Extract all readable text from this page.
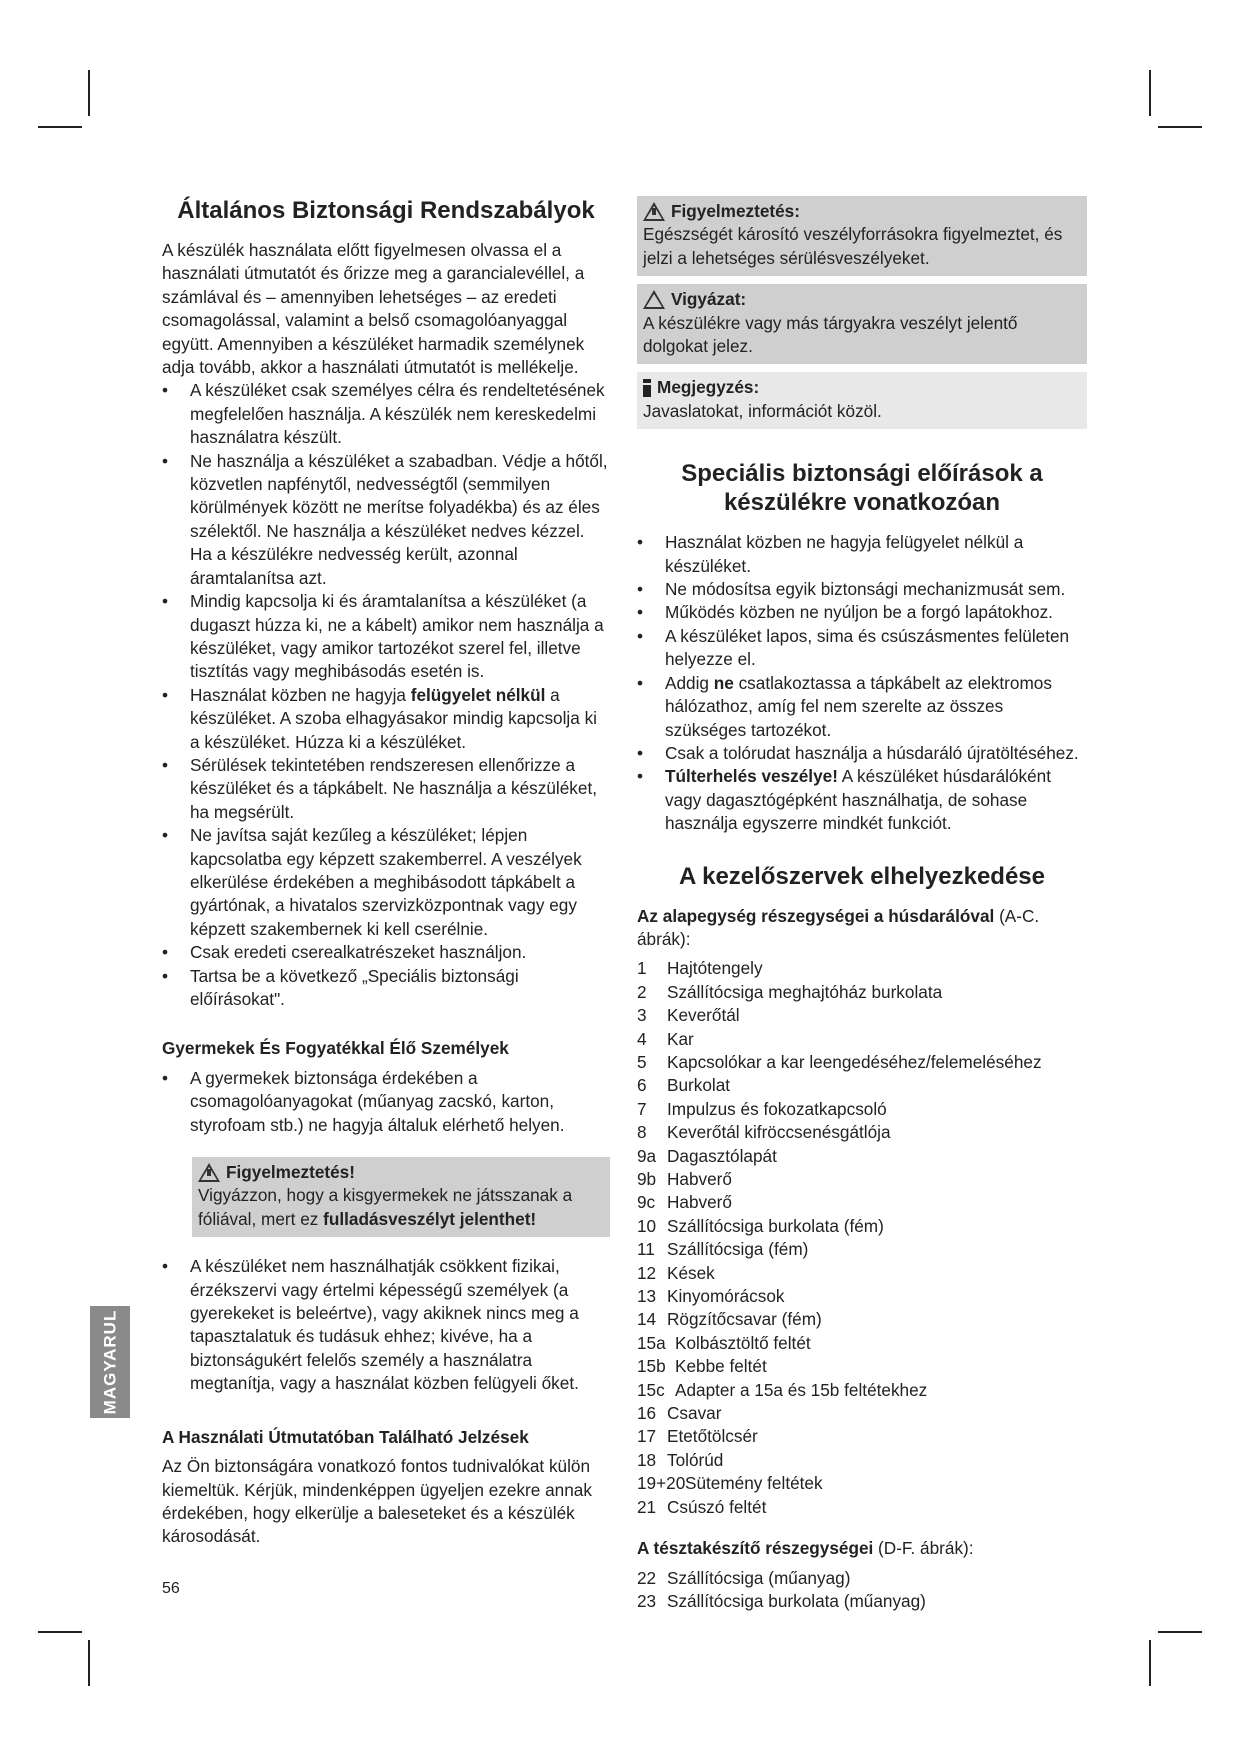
Általános Biztonsági Rendszabályok

A készülék használata előtt figyelmesen olvassa el a használati útmutatót és őrizze meg a garancialevéllel, a számlával és – amennyiben lehetséges – az eredeti csomagolással, valamint a belső csomagolóanyaggal együtt. Amennyiben a készüléket harmadik személynek adja tovább, akkor a használati útmutatót is mellékelje.

• A készüléket csak személyes célra és rendeltetésének megfelelően használja. A készülék nem kereskedelmi használatra készült.
• Ne használja a készüléket a szabadban. Védje a hőtől, közvetlen napfénytől, nedvességtől (semmilyen körülmények között ne merítse folyadékba) és az éles szélektől. Ne használja a készüléket nedves kézzel. Ha a készülékre nedvesség került, azonnal áramtalanítsa azt.
• Mindig kapcsolja ki és áramtalanítsa a készüléket (a dugaszt húzza ki, ne a kábelt) amikor nem használja a készüléket, vagy amikor tartozékot szerel fel, illetve tisztítás vagy meghibásodás esetén is.
• Használat közben ne hagyja felügyelet nélkül a készüléket. A szoba elhagyásakor mindig kapcsolja ki a készüléket. Húzza ki a készüléket.
• Sérülések tekintetében rendszeresen ellenőrizze a készüléket és a tápkábelt. Ne használja a készüléket, ha megsérült.
• Ne javítsa saját kezűleg a készüléket; lépjen kapcsolatba egy képzett szakemberrel. A veszélyek elkerülése érdekében a meghibásodott tápkábelt a gyártónak, a hivatalos szervizközpontnak vagy egy képzett szakembernek ki kell cserélnie.
• Csak eredeti cserealkatrészeket használjon.
• Tartsa be a következő „Speciális biztonsági előírásokat".
Gyermekek És Fogyatékkal Élő Személyek
• A gyermekek biztonsága érdekében a csomagolóanyagokat (műanyag zacskó, karton, styrofoam stb.) ne hagyja általuk elérhető helyen.
Figyelmeztetés!

Vigyázzon, hogy a kisgyermekek ne játsszanak a fóliával, mert ez fulladásveszélyt jelenthet!

• A készüléket nem használhatják csökkent fizikai, érzékszervi vagy értelmi képességű személyek (a gyerekeket is beleértve), vagy akiknek nincs meg a tapasztalatuk és tudásuk ehhez; kivéve, ha a biztonságukért felelős személy a használatra megtanítja, vagy a használat közben felügyeli őket.
A Használati Útmutatóban Található Jelzések

Az Ön biztonságára vonatkozó fontos tudnivalókat külön kiemeltük. Kérjük, mindenképpen ügyeljen ezekre annak érdekében, hogy elkerülje a baleseteket és a készülék károsodását.

Figyelmeztetés:

Egészségét károsító veszélyforrásokra figyelmeztet, és jelzi a lehetséges sérülésveszélyeket.

Vigyázat:

A készülékre vagy más tárgyakra veszélyt jelentő dolgokat jelez.

Megjegyzés:

Javaslatokat, információt közöl.

Speciális biztonsági előírások a készülékre vonatkozóan
• Használat közben ne hagyja felügyelet nélkül a készüléket.
• Ne módosítsa egyik biztonsági mechanizmusát sem.
• Működés közben ne nyúljon be a forgó lapátokhoz.
• A készüléket lapos, sima és csúszásmentes felületen helyezze el.
• Addig ne csatlakoztassa a tápkábelt az elektromos hálózathoz, amíg fel nem szerelte az összes szükséges tartozékot.
• Csak a tolórudat használja a húsdaráló újratöltéséhez.
• Túlterhelés veszélye! A készüléket húsdarálóként vagy dagasztógépként használhatja, de sohase használja egyszerre mindkét funkciót.
A kezelőszervek elhelyezkedése

Az alapegység részegységei a húsdarálóval (A-C. ábrák):

1	Hajtótengely
2	Szállítócsiga meghajtóház burkolata
3	Keverőtál
4	Kar
5	Kapcsolókar a kar leengedéséhez/felemeléséhez
6	Burkolat
7	Impulzus és fokozatkapcsoló
8	Keverőtál kifröccsenésgátlója
9a Dagasztólapát
9b Habverő
9c Habverő
10 Szállítócsiga burkolata (fém)
11 Szállítócsiga (fém)
12 Kések
13 Kinyomórácsok
14 Rögzítőcsavar (fém)
15a Kolbásztöltő feltét
15b Kebbe feltét
15c Adapter a 15a és 15b feltétekhez
16 Csavar
17 Etetőtölcsér
18 Tolórúd
19+20 Sütemény feltétek
21 Csúszó feltét

A tésztakészítő részegységei (D-F. ábrák):

22 Szállítócsiga (műanyag)
23 Szállítócsiga burkolata (műanyag)
MAGYARUL
56
